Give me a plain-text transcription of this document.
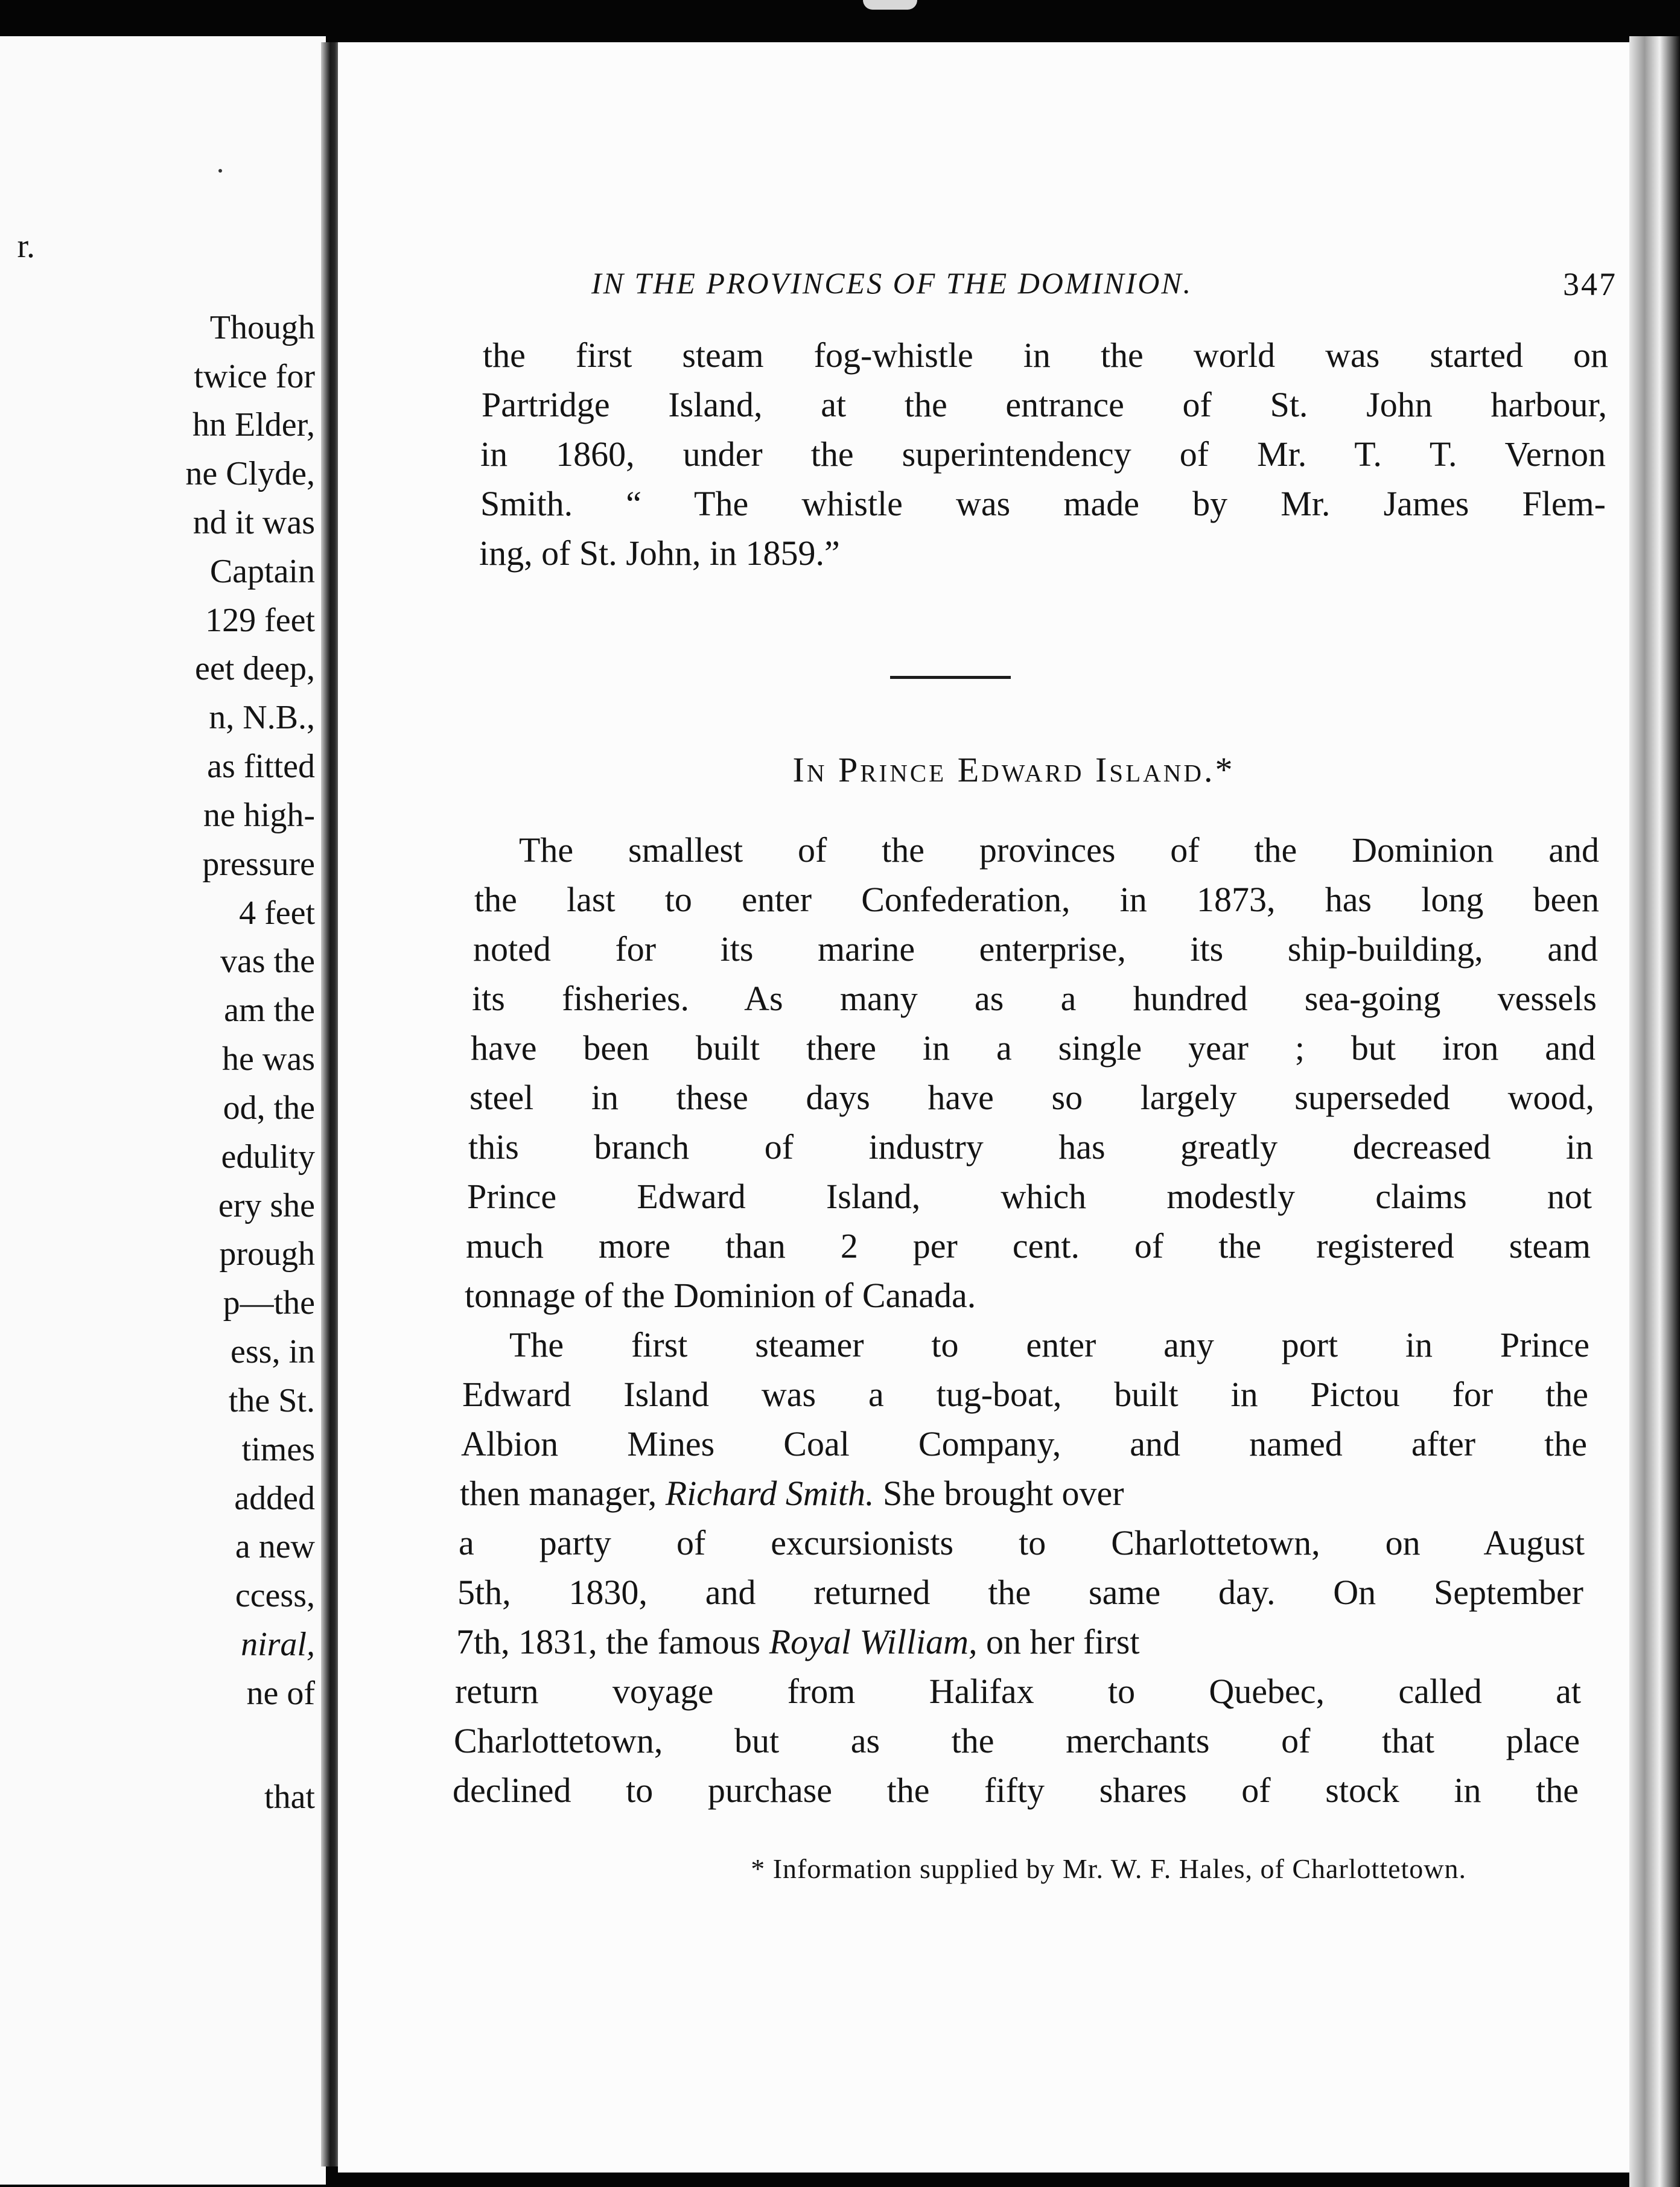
r.
Though
twice for
hn Elder,
ne Clyde,
nd it was
Captain
129 feet
eet deep,
n, N.B.,
as fitted
ne high-
pressure
4 feet
vas the
am the
he was
od, the
edulity
ery she
prough
p—the
ess, in
the St.
times
added
a new
ccess,
niral,
ne of
that
IN THE PROVINCES OF THE DOMINION.	347
the first steam fog-whistle in the world was started on
Partridge Island, at the entrance of St. John harbour,
in 1860, under the superintendency of Mr. T. T. Vernon
Smith. “ The whistle was made by Mr. James Flem-
ing, of St. John, in 1859.”
In Prince Edward Island.*
The smallest of the provinces of the Dominion and
the last to enter Confederation, in 1873, has long been
noted for its marine enterprise, its ship-building, and
its fisheries. As many as a hundred sea-going vessels
have been built there in a single year ; but iron and
steel in these days have so largely superseded wood,
this branch of industry has greatly decreased in
Prince Edward Island, which modestly claims not
much more than 2 per cent. of the registered steam
tonnage of the Dominion of Canada.
The first steamer to enter any port in Prince
Edward Island was a tug-boat, built in Pictou for the
Albion Mines Coal Company, and named after the
then manager, Richard Smith. She brought over
a party of excursionists to Charlottetown, on August
5th, 1830, and returned the same day. On September
7th, 1831, the famous Royal William, on her first
return voyage from Halifax to Quebec, called at
Charlottetown, but as the merchants of that place
declined to purchase the fifty shares of stock in the
* Information supplied by Mr. W. F. Hales, of Charlottetown.
